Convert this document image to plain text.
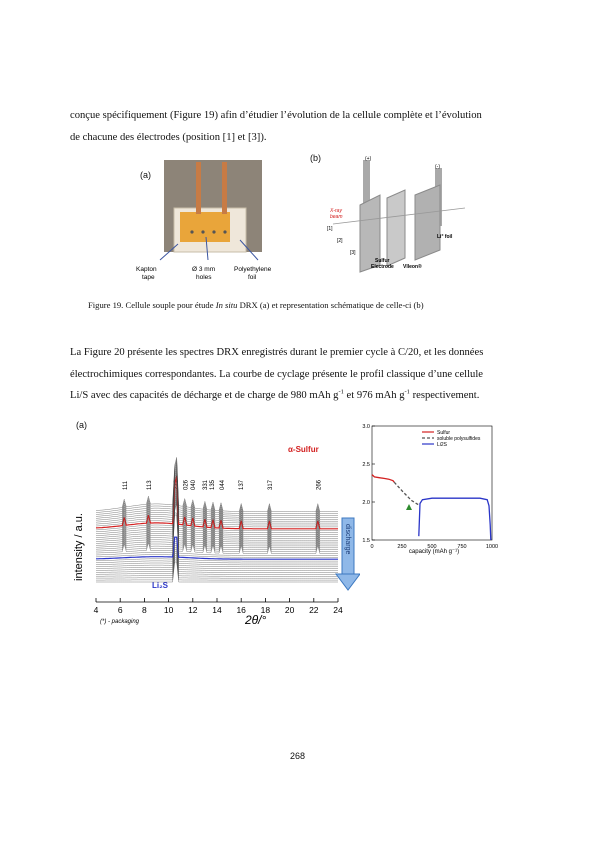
conçue spécifiquement (Figure 19) afin d’étudier l’évolution de la cellule complète et l’évolution
de chacune des électrodes (position [1] et [3]).

(a)
Kapton
tape
Ø 3 mm
holes
Polyethylene
foil
(b)	(+)
(-)
X-ray
beam
[1]
[2]
[3]
Sulfur
Electrode Vlleon®
Li° foil

Figure 19. Cellule souple pour étude In situ DRX (a) et representation schématique de celle-ci (b)

La Figure 20 présente les spectres DRX enregistrés durant le premier cycle à C/20, et les données
électrochimiques correspondantes. La courbe de cyclage présente le profil classique d’une cellule
Li/S avec des capacités de décharge et de charge de 980 mAh $g^{-1}$ et 976 mAh $g^{-1}$ respectivement.

(a)
intensity / a.u.
2θ/°
(*) - packaging
α-Sulfur
Li₂S
111	113	222 026 040 331 135 044 137	317	266
4 6 8 10 12 14 16 18 20 22 24
discharge	0	250	500	750	1000
1.5
2.0
2.5
3.0
Sulfur
soluble polysulfides
Li2S
capacity (mAh g⁻¹)
268
